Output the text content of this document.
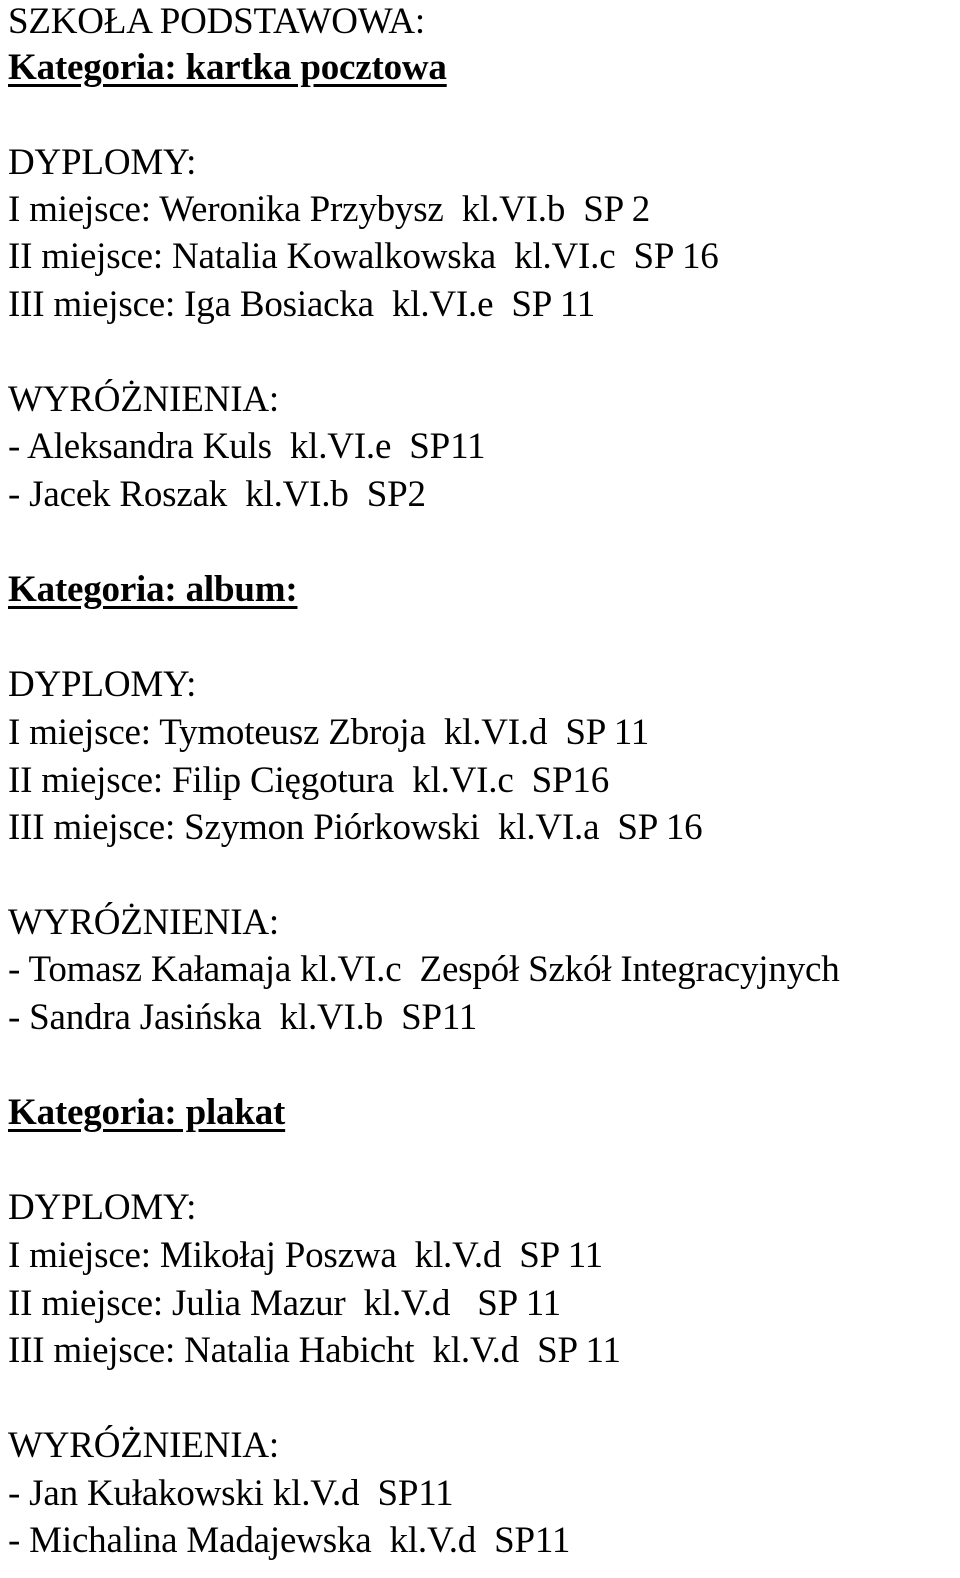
SZKOŁA PODSTAWOWA:
Kategoria: kartka pocztowa
DYPLOMY:
I miejsce: Weronika Przybysz  kl.VI.b  SP 2
II miejsce: Natalia Kowalkowska  kl.VI.c  SP 16
III miejsce: Iga Bosiacka  kl.VI.e  SP 11
WYRÓŻNIENIA:
- Aleksandra Kuls  kl.VI.e  SP11
- Jacek Roszak  kl.VI.b  SP2
Kategoria: album:
DYPLOMY:
I miejsce: Tymoteusz Zbroja  kl.VI.d  SP 11
II miejsce: Filip Cięgotura  kl.VI.c  SP16
III miejsce: Szymon Piórkowski  kl.VI.a  SP 16
WYRÓŻNIENIA:
- Tomasz Kałamaja kl.VI.c  Zespół Szkół Integracyjnych
- Sandra Jasińska  kl.VI.b  SP11
Kategoria: plakat
DYPLOMY:
I miejsce: Mikołaj Poszwa  kl.V.d  SP 11
II miejsce: Julia Mazur  kl.V.d   SP 11
III miejsce: Natalia Habicht  kl.V.d  SP 11
WYRÓŻNIENIA:
- Jan Kułakowski kl.V.d  SP11
- Michalina Madajewska  kl.V.d  SP11
